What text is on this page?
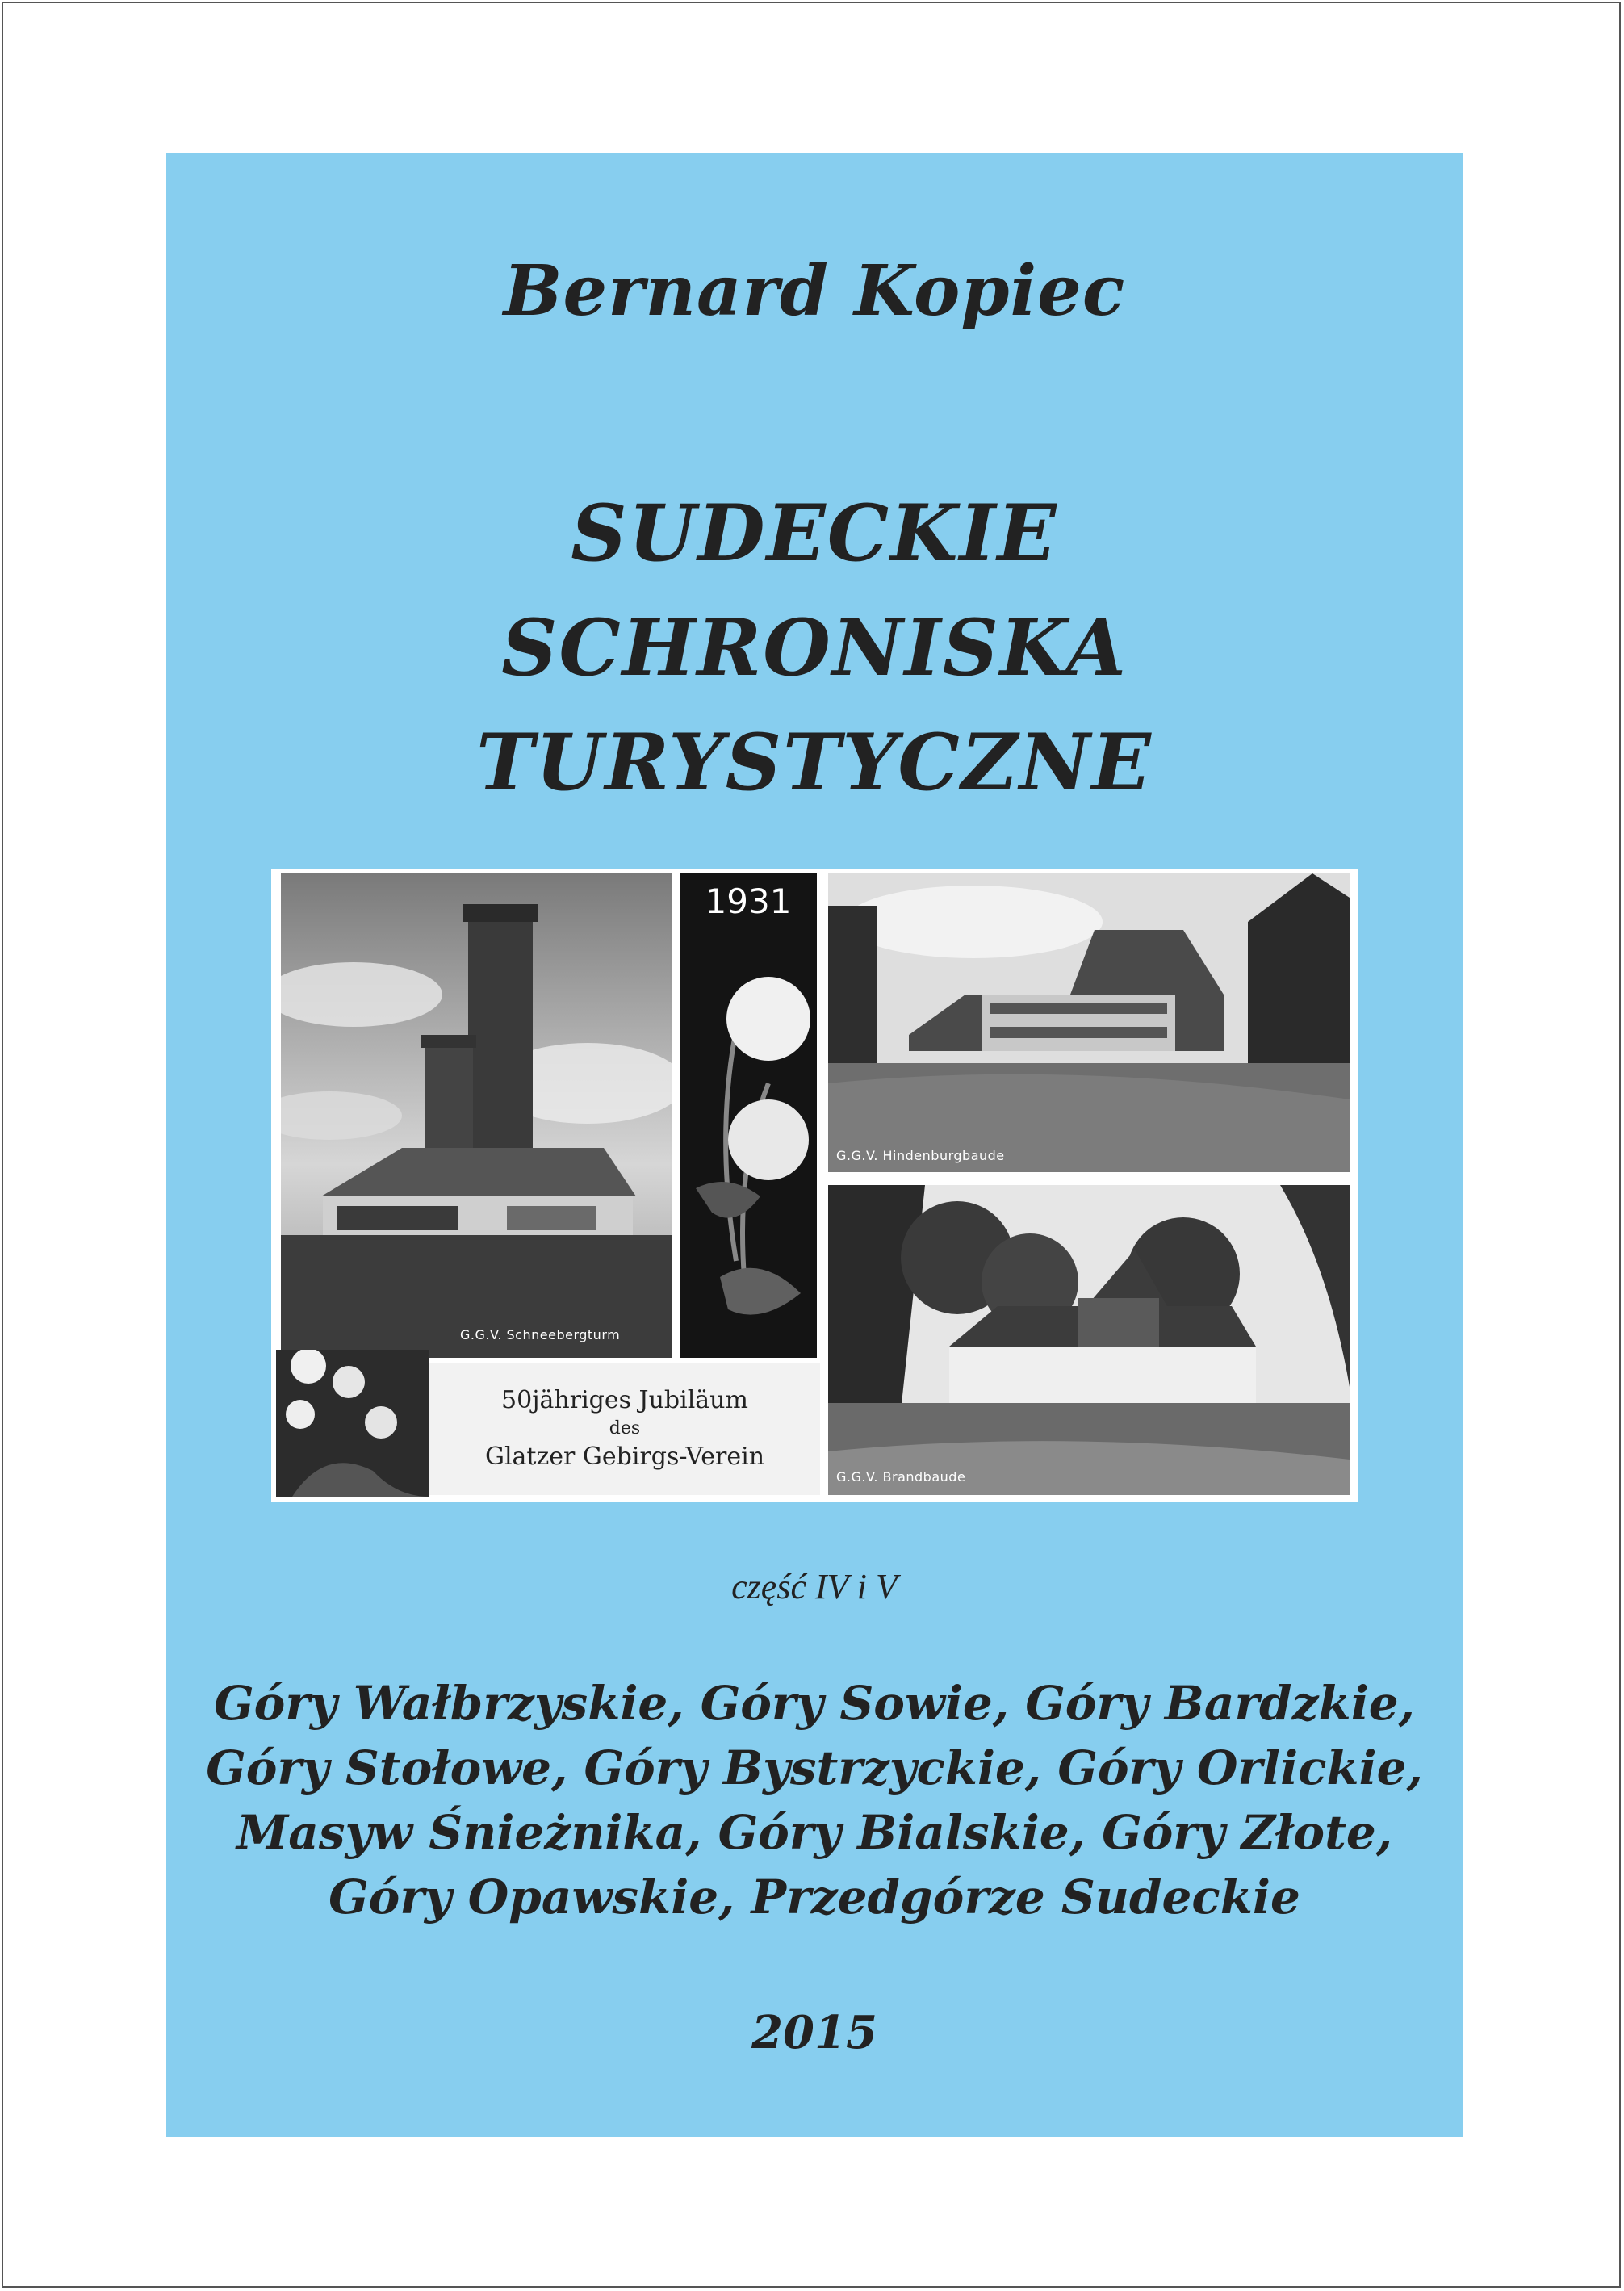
Bernard Kopiec
SUDECKIE
SCHRONISKA
TURYSTYCZNE
G.G.V. Schneebergturm
1931
G.G.V. Hindenburgbaude
G.G.V. Brandbaude
50jähriges Jubiläum
des
Glatzer Gebirgs-Verein
część IV i V
Góry Wałbrzyskie, Góry Sowie, Góry Bardzkie,
Góry Stołowe, Góry Bystrzyckie, Góry Orlickie,
Masyw Śnieżnika, Góry Bialskie, Góry Złote,
Góry Opawskie, Przedgórze Sudeckie
2015
